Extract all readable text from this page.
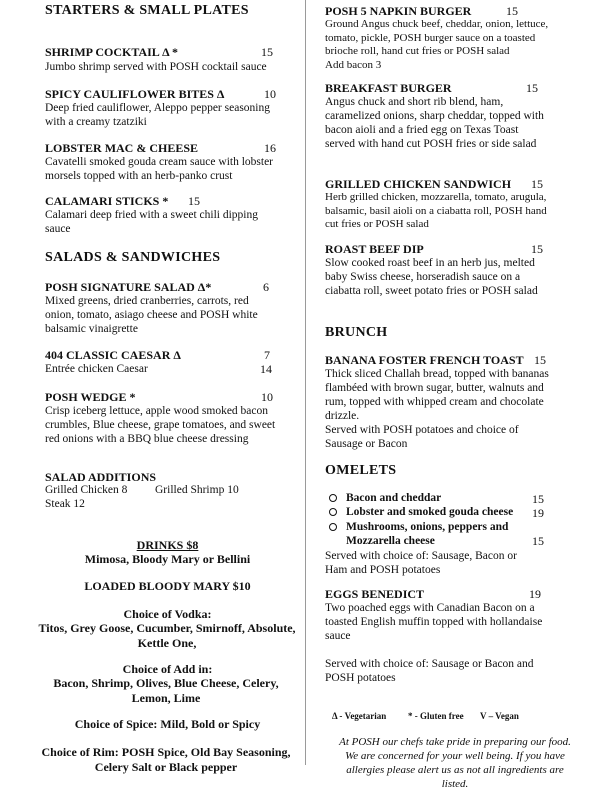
STARTERS & SMALL PLATES
SHRIMP COCKTAIL Δ *	15
Jumbo shrimp served with POSH cocktail sauce
SPICY CAULIFLOWER BITES Δ	10
Deep fried cauliflower, Aleppo pepper seasoning with a creamy tzatziki
LOBSTER MAC & CHEESE	16
Cavatelli smoked gouda cream sauce with lobster morsels topped with an herb-panko crust
CALAMARI STICKS * 15
Calamari deep fried with a sweet chili dipping sauce
SALADS & SANDWICHES
POSH SIGNATURE SALAD Δ*	6
Mixed greens, dried cranberries, carrots, red onion, tomato, asiago cheese and POSH white balsamic vinaigrette
404 CLASSIC CAESAR Δ	7
Entrée chicken Caesar	14
POSH WEDGE *	10
Crisp iceberg lettuce, apple wood smoked bacon crumbles, Blue cheese, grape tomatoes, and sweet red onions with a BBQ blue cheese dressing
SALAD ADDITIONS
Grilled Chicken 8 Grilled Shrimp 10
Steak 12
DRINKS $8
Mimosa, Bloody Mary or Bellini
LOADED BLOODY MARY $10
Choice of Vodka:
Titos, Grey Goose, Cucumber, Smirnoff, Absolute, Kettle One,
Choice of Add in:
Bacon, Shrimp, Olives, Blue Cheese, Celery, Lemon, Lime
Choice of Spice: Mild, Bold or Spicy
Choice of Rim: POSH Spice, Old Bay Seasoning, Celery Salt or Black pepper
POSH 5 NAPKIN BURGER	15
Ground Angus chuck beef, cheddar, onion, lettuce, tomato, pickle, POSH burger sauce on a toasted brioche roll, hand cut fries or POSH salad
Add bacon 3
BREAKFAST BURGER	15
Angus chuck and short rib blend, ham, caramelized onions, sharp cheddar, topped with bacon aioli and a fried egg on Texas Toast served with hand cut POSH fries or side salad
GRILLED CHICKEN SANDWICH 15
Herb grilled chicken, mozzarella, tomato, arugula, balsamic, basil aioli on a ciabatta roll, POSH hand cut fries or POSH salad
ROAST BEEF DIP	15
Slow cooked roast beef in an herb jus, melted baby Swiss cheese, horseradish sauce on a ciabatta roll, sweet potato fries or POSH salad
BRUNCH
BANANA FOSTER FRENCH TOAST 15
Thick sliced Challah bread, topped with bananas flambéed with brown sugar, butter, walnuts and rum, topped with whipped cream and chocolate drizzle.
Served with POSH potatoes and choice of Sausage or Bacon
OMELETS
Bacon and cheddar	15
Lobster and smoked gouda cheese 19
Mushrooms, onions, peppers and Mozzarella cheese	15
Served with choice of: Sausage, Bacon or Ham and POSH potatoes
EGGS BENEDICT	19
Two poached eggs with Canadian Bacon on a toasted English muffin topped with hollandaise sauce
Served with choice of: Sausage or Bacon and POSH potatoes
Δ - Vegetarian * - Gluten free V – Vegan
At POSH our chefs take pride in preparing our food. We are concerned for your well being. If you have allergies please alert us as not all ingredients are listed.
